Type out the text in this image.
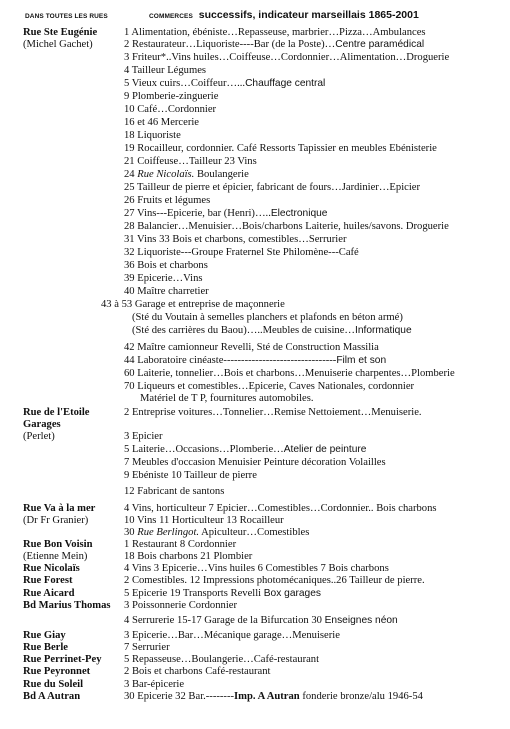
DANS TOUTES LES RUES	COMMERCES successifs, indicateur marseillais 1865-2001
Rue Ste Eugénie
(Michel Gachet)
Rue de l'Etoile
Garages
(Perlet)
Rue Va à la mer
(Dr Fr Granier)
Rue Bon Voisin
(Etienne Mein)
Rue Nicolaïs
Rue Forest
Rue Aicard
Bd Marius Thomas
Rue Giay
Rue Berle
Rue Perrinet-Pey
Rue Peyronnet
Rue du Soleil
Bd A Autran
1 Alimentation, ébéniste…Repasseuse, marbrier…Pizza…Ambulances
2 Restaurateur…Liquoriste----Bar (de la Poste)…Centre paramédical
3 Friteur*..Vins huiles…Coiffeuse…Cordonnier…Alimentation…Droguerie
4 Tailleur Légumes
5 Vieux cuirs…Coiffeur…...Chauffage central
9 Plomberie-zinguerie
10 Café…Cordonnier
16 et 46 Mercerie
18 Liquoriste
19 Rocailleur, cordonnier. Café Ressorts Tapissier en meubles Ebénisterie
21 Coiffeuse…Tailleur 23 Vins
24 Rue Nicolaïs. Boulangerie
25 Tailleur de pierre et épicier, fabricant de fours…Jardinier…Epicier
26 Fruits et légumes
27 Vins---Epicerie, bar (Henri)…..Electronique
28 Balancier…Menuisier…Bois/charbons Laiterie, huiles/savons. Droguerie
31 Vins 33 Bois et charbons, comestibles…Serrurier
32 Liquoriste---Groupe Fraternel Ste Philomène---Café
36 Bois et charbons
39 Epicerie…Vins
40 Maître charretier
43 à 53 Garage et entreprise de maçonnerie
(Sté du Voutain à semelles planchers et plafonds en béton armé)
(Sté des carrières du Baou)…..Meubles de cuisine…Informatique
42 Maître camionneur Revelli, Sté de Construction Massilia
44 Laboratoire cinéaste--------------------------------Film et son
60 Laiterie, tonnelier…Bois et charbons…Menuiserie charpentes…Plomberie
70 Liqueurs et comestibles…Epicerie, Caves Nationales, cordonnier
Matériel de T P, fournitures automobiles.
2 Entreprise voitures…Tonnelier…Remise Nettoiement…Menuiserie.
3 Epicier
5 Laiterie…Occasions…Plomberie…Atelier de peinture
7 Meubles d'occasion Menuisier Peinture décoration Volailles
9 Ebéniste 10 Tailleur de pierre
12 Fabricant de santons
4 Vins, horticulteur 7 Epicier…Comestibles…Cordonnier.. Bois charbons
10 Vins 11 Horticulteur 13 Rocailleur
30 Rue Berlingot. Apiculteur…Comestibles
1 Restaurant 8 Cordonnier
18 Bois charbons 21 Plombier
4 Vins 3 Epicerie…Vins huiles 6 Comestibles 7 Bois charbons
2 Comestibles. 12 Impressions photomécaniques..26 Tailleur de pierre.
5 Epicerie 19 Transports Revelli Box garages
3 Poissonnerie Cordonnier
4 Serrurerie 15-17 Garage de la Bifurcation 30 Enseignes néon
3 Epicerie…Bar…Mécanique garage…Menuiserie
7 Serrurier
5 Repasseuse…Boulangerie…Café-restaurant
2 Bois et charbons Café-restaurant
3 Bar-épicerie
30 Epicerie 32 Bar.--------Imp. A Autran fonderie bronze/alu 1946-54
